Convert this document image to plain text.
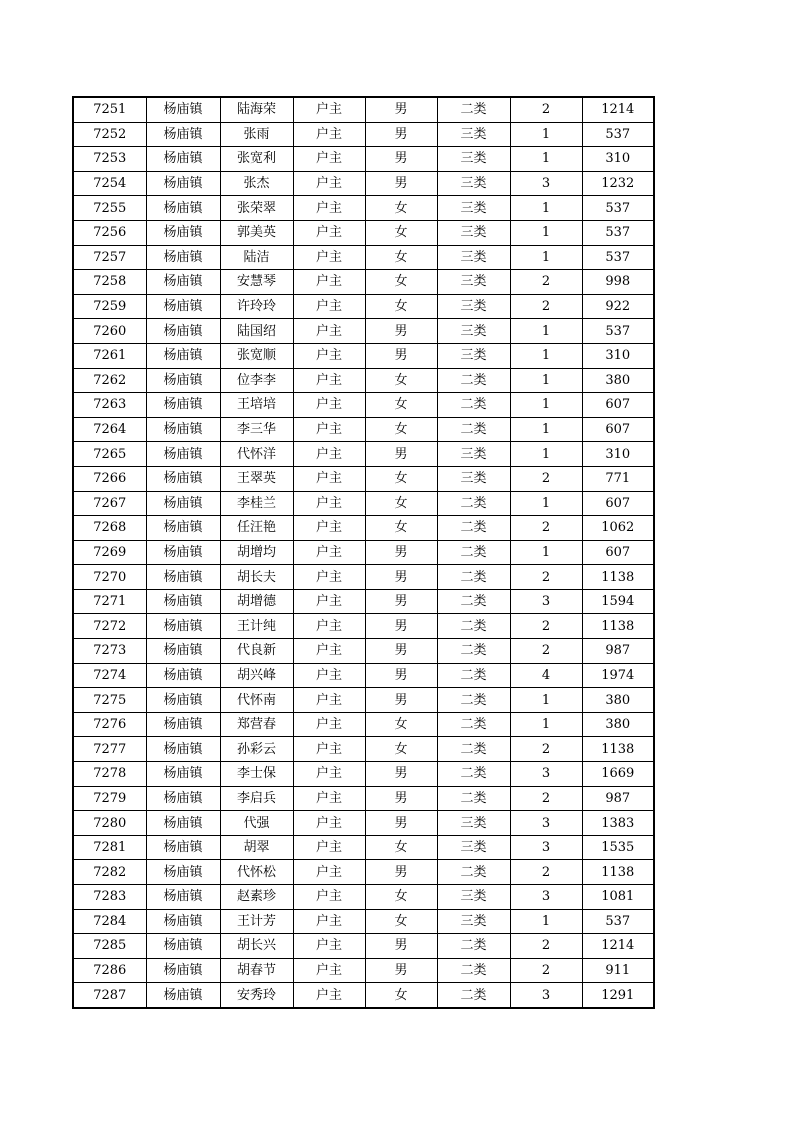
7251	杨庙镇	陆海荣	户主	男	二类	2	1214
7252	杨庙镇	张雨	户主	男	三类	1	537
7253	杨庙镇	张宽利	户主	男	三类	1	310
7254	杨庙镇	张杰	户主	男	三类	3	1232
7255	杨庙镇	张荣翠	户主	女	三类	1	537
7256	杨庙镇	郭美英	户主	女	三类	1	537
7257	杨庙镇	陆洁	户主	女	三类	1	537
7258	杨庙镇	安慧琴	户主	女	三类	2	998
7259	杨庙镇	许玲玲	户主	女	三类	2	922
7260	杨庙镇	陆国绍	户主	男	三类	1	537
7261	杨庙镇	张宽顺	户主	男	三类	1	310
7262	杨庙镇	位李李	户主	女	二类	1	380
7263	杨庙镇	王培培	户主	女	二类	1	607
7264	杨庙镇	李三华	户主	女	二类	1	607
7265	杨庙镇	代怀洋	户主	男	三类	1	310
7266	杨庙镇	王翠英	户主	女	三类	2	771
7267	杨庙镇	李桂兰	户主	女	二类	1	607
7268	杨庙镇	任汪艳	户主	女	二类	2	1062
7269	杨庙镇	胡增均	户主	男	二类	1	607
7270	杨庙镇	胡长夫	户主	男	二类	2	1138
7271	杨庙镇	胡增德	户主	男	二类	3	1594
7272	杨庙镇	王计纯	户主	男	二类	2	1138
7273	杨庙镇	代良新	户主	男	二类	2	987
7274	杨庙镇	胡兴峰	户主	男	二类	4	1974
7275	杨庙镇	代怀南	户主	男	二类	1	380
7276	杨庙镇	郑营春	户主	女	二类	1	380
7277	杨庙镇	孙彩云	户主	女	二类	2	1138
7278	杨庙镇	李士保	户主	男	二类	3	1669
7279	杨庙镇	李启兵	户主	男	二类	2	987
7280	杨庙镇	代强	户主	男	三类	3	1383
7281	杨庙镇	胡翠	户主	女	三类	3	1535
7282	杨庙镇	代怀松	户主	男	二类	2	1138
7283	杨庙镇	赵素珍	户主	女	三类	3	1081
7284	杨庙镇	王计芳	户主	女	三类	1	537
7285	杨庙镇	胡长兴	户主	男	二类	2	1214
7286	杨庙镇	胡春节	户主	男	二类	2	911
7287	杨庙镇	安秀玲	户主	女	二类	3	1291
